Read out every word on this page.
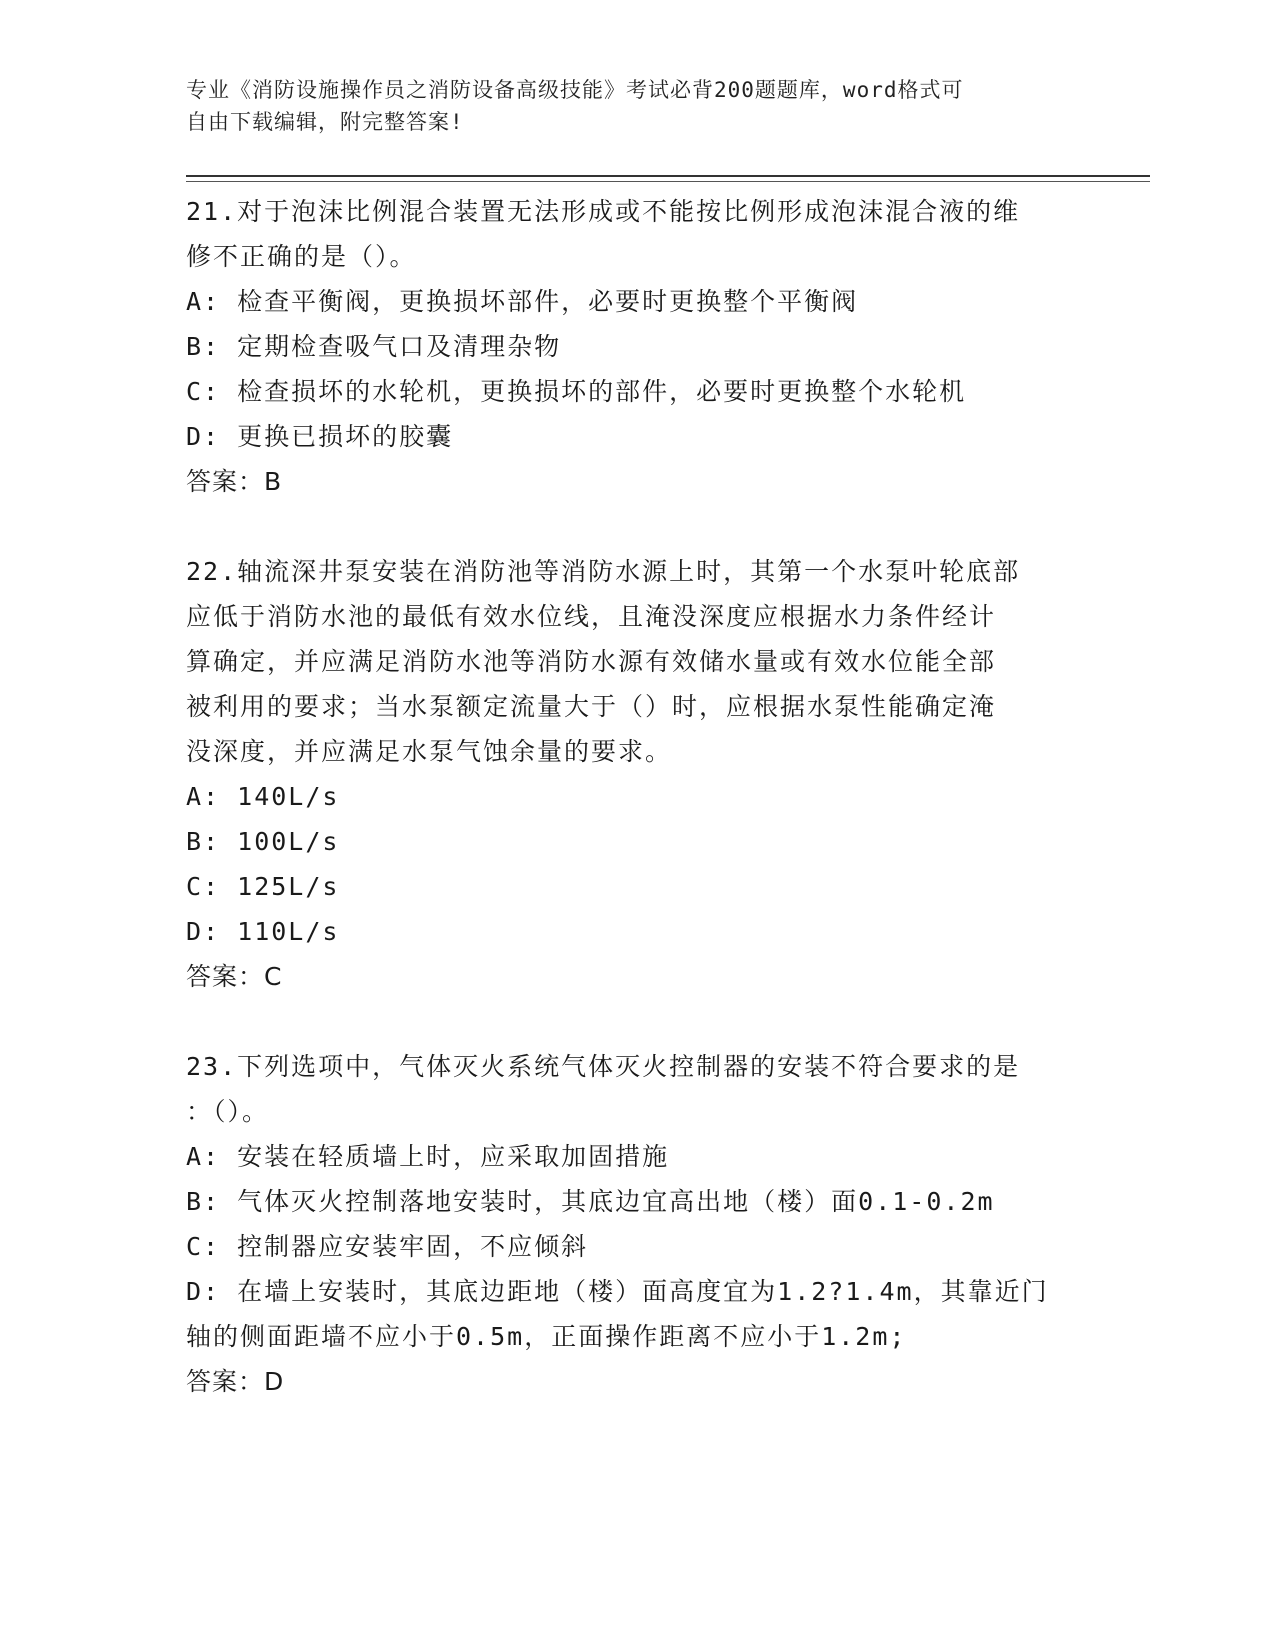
专业《消防设施操作员之消防设备高级技能》考试必背200题题库，word格式可
自由下载编辑，附完整答案!

21.对于泡沫比例混合装置无法形成或不能按比例形成泡沫混合液的维

修不正确的是（）。

A: 检查平衡阀，更换损坏部件，必要时更换整个平衡阀

B: 定期检查吸气口及清理杂物

C: 检查损坏的水轮机，更换损坏的部件，必要时更换整个水轮机

D: 更换已损坏的胶囊

答案：B

22.轴流深井泵安装在消防池等消防水源上时，其第一个水泵叶轮底部

应低于消防水池的最低有效水位线，且淹没深度应根据水力条件经计

算确定，并应满足消防水池等消防水源有效储水量或有效水位能全部

被利用的要求；当水泵额定流量大于（）时，应根据水泵性能确定淹

没深度，并应满足水泵气蚀余量的要求。

A: 140L/s

B: 100L/s

C: 125L/s

D: 110L/s

答案：C

23.下列选项中，气体灭火系统气体灭火控制器的安装不符合要求的是

：（）。

A: 安装在轻质墙上时，应采取加固措施

B: 气体灭火控制落地安装时，其底边宜高出地（楼）面0.1-0.2m

C: 控制器应安装牢固，不应倾斜

D: 在墙上安装时，其底边距地（楼）面高度宜为1.2?1.4m，其靠近门

轴的侧面距墙不应小于0.5m，正面操作距离不应小于1.2m;

答案：D
